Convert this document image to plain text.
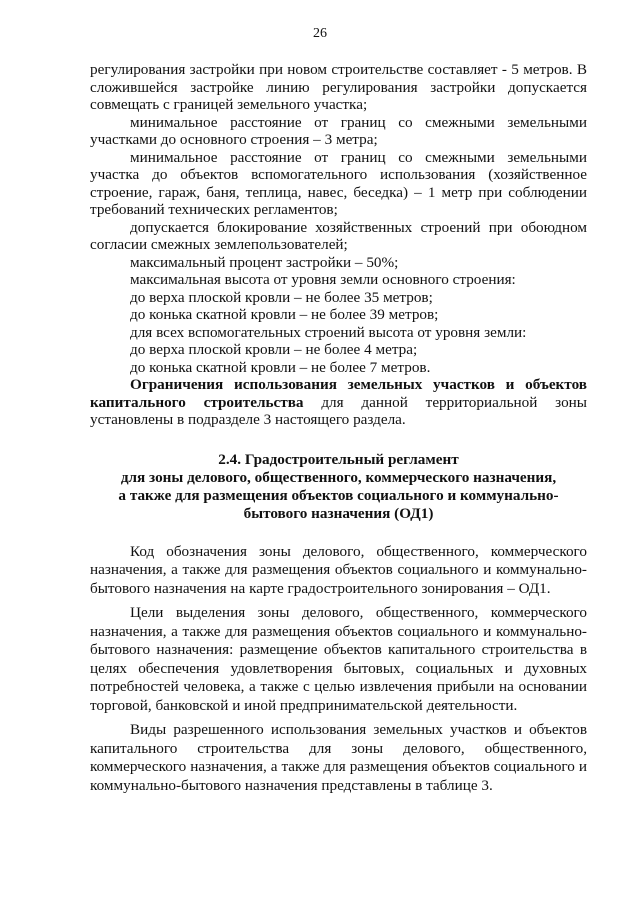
26

регулирования застройки при новом строительстве составляет - 5 метров. В сложившейся застройке линию регулирования застройки допускается совмещать с границей земельного участка;

минимальное расстояние от границ со смежными земельными участками до основного строения – 3 метра;

минимальное расстояние от границ со смежными земельными участка до объектов вспомогательного использования (хозяйственное строение, гараж, баня, теплица, навес, беседка) – 1 метр при соблюдении требований технических регламентов;

допускается блокирование хозяйственных строений при обоюдном согласии смежных землепользователей;

максимальный процент застройки – 50%;

максимальная высота от уровня земли основного строения:

до верха плоской кровли – не более 35 метров;

до конька скатной кровли – не более 39 метров;

для всех вспомогательных строений высота от уровня земли:

до верха плоской кровли – не более 4 метра;

до конька скатной кровли – не более 7 метров.

Ограничения использования земельных участков и объектов капитального строительства для данной территориальной зоны установлены в подразделе 3 настоящего раздела.

2.4. Градостроительный регламент
для зоны делового, общественного, коммерческого назначения,
а также для размещения объектов социального и коммунально-
бытового назначения (ОД1)

Код обозначения зоны делового, общественного, коммерческого назначения, а также для размещения объектов социального и коммунально-бытового назначения на карте градостроительного зонирования – ОД1.

Цели выделения зоны делового, общественного, коммерческого назначения, а также для размещения объектов социального и коммунально-бытового назначения: размещение объектов капитального строительства в целях обеспечения удовлетворения бытовых, социальных и духовных потребностей человека, а также с целью извлечения прибыли на основании торговой, банковской и иной предпринимательской деятельности.

Виды разрешенного использования земельных участков и объектов капитального строительства для зоны делового, общественного, коммерческого назначения, а также для размещения объектов социального и коммунально-бытового назначения представлены в таблице 3.
